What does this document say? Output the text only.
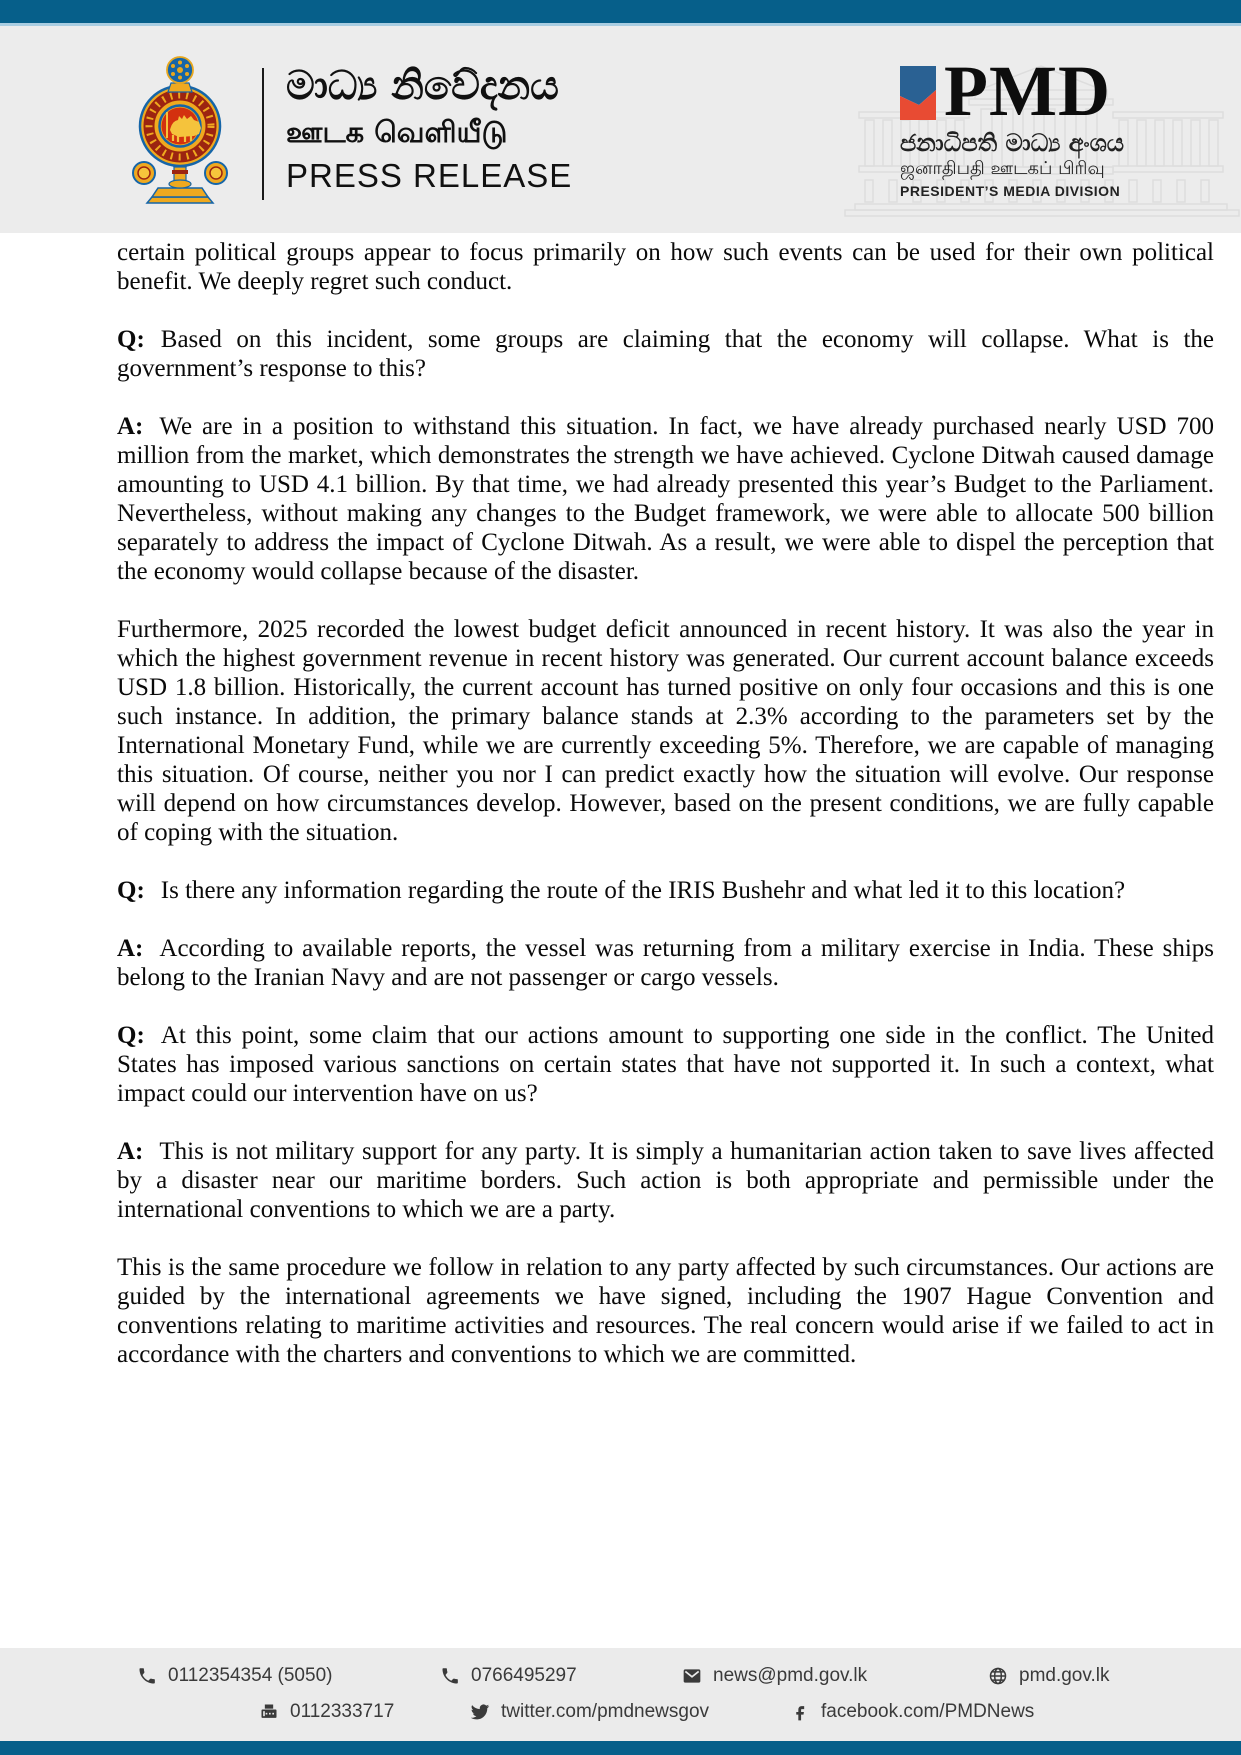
මාධ්‍ය නිවේදනය
ஊடக வெளியீடு
PRESS RELEASE
PMD
ජනාධිපති මාධ්‍ය අංශය
ஜனாதிபதி ஊடகப் பிரிவு
PRESIDENT’S MEDIA DIVISION

certain political groups appear to focus primarily on how such events can be used for their own political benefit. We deeply regret such conduct.

Q: Based on this incident, some groups are claiming that the economy will collapse. What is the government’s response to this?

A: We are in a position to withstand this situation. In fact, we have already purchased nearly USD 700 million from the market, which demonstrates the strength we have achieved. Cyclone Ditwah caused damage amounting to USD 4.1 billion. By that time, we had already presented this year’s Budget to the Parliament. Nevertheless, without making any changes to the Budget framework, we were able to allocate 500 billion separately to address the impact of Cyclone Ditwah. As a result, we were able to dispel the perception that the economy would collapse because of the disaster.

Furthermore, 2025 recorded the lowest budget deficit announced in recent history. It was also the year in which the highest government revenue in recent history was generated. Our current account balance exceeds USD 1.8 billion. Historically, the current account has turned positive on only four occasions and this is one such instance. In addition, the primary balance stands at 2.3% according to the parameters set by the International Monetary Fund, while we are currently exceeding 5%. Therefore, we are capable of managing this situation. Of course, neither you nor I can predict exactly how the situation will evolve. Our response will depend on how circumstances develop. However, based on the present conditions, we are fully capable of coping with the situation.

Q: Is there any information regarding the route of the IRIS Bushehr and what led it to this location?

A: According to available reports, the vessel was returning from a military exercise in India. These ships belong to the Iranian Navy and are not passenger or cargo vessels.

Q: At this point, some claim that our actions amount to supporting one side in the conflict. The United States has imposed various sanctions on certain states that have not supported it. In such a context, what impact could our intervention have on us?

A: This is not military support for any party. It is simply a humanitarian action taken to save lives affected by a disaster near our maritime borders. Such action is both appropriate and permissible under the international conventions to which we are a party.

This is the same procedure we follow in relation to any party affected by such circumstances. Our actions are guided by the international agreements we have signed, including the 1907 Hague Convention and conventions relating to maritime activities and resources. The real concern would arise if we failed to act in accordance with the charters and conventions to which we are committed.

0112354354 (5050)	0766495297	news@pmd.gov.lk	pmd.gov.lk
0112333717	twitter.com/pmdnewsgov	facebook.com/PMDNews
